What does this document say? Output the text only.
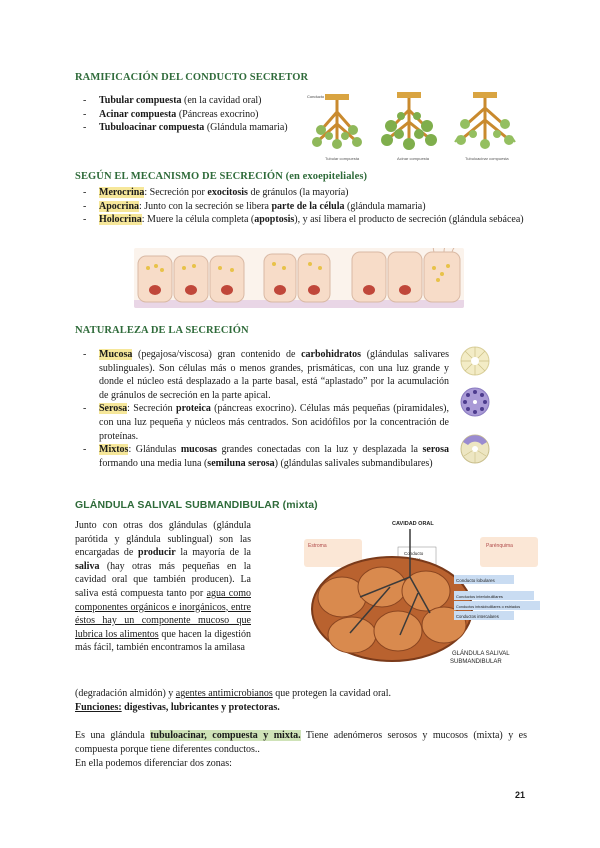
RAMIFICACIÓN DEL CONDUCTO SECRETOR
- Tubular compuesta (en la cavidad oral)
- Acinar compuesta (Páncreas exocrino)
- Tubuloacinar compuesta (Glándula mamaria)
Conducto
Tubular compuesta	Acinar compuesta	Tubuloacinar compuesta
SEGÚN EL MECANISMO DE SECRECIÓN (en exoepiteliales)
- Merocrina: Secreción por exocitosis de gránulos (la mayoría)
- Apocrina: Junto con la secreción se libera parte de la célula (glándula mamaria)
- Holocrina: Muere la célula completa (apoptosis), y así libera el producto de secreción (glándula sebácea)
NATURALEZA DE LA SECRECIÓN
- Mucosa (pegajosa/viscosa) gran contenido de carbohidratos (glándulas salivares sublinguales). Son células más o menos grandes, prismáticas, con una luz grande y donde el núcleo está desplazado a la parte basal, está “aplastado” por la acumulación de gránulos de secreción en la parte apical.
- Serosa: Secreción proteica (páncreas exocrino). Células más pequeñas (piramidales), con una luz pequeña y núcleos más centrados. Son acidófilos por la concentración de proteínas.
- Mixtos: Glándulas mucosas grandes conectadas con la luz y desplazada la serosa formando una media luna (semiluna serosa) (glándulas salivales submandibulares)
GLÁNDULA SALIVAL SUBMANDIBULAR (mixta)
Junto con otras dos glándulas (glándula parótida y glándula sublingual) son las encargadas de producir la mayoría de la saliva (hay otras más pequeñas en la cavidad oral que también producen). La saliva está compuesta tanto por agua como componentes orgánicos e inorgánicos, entre éstos hay un componente mucoso que lubrica los alimentos que hacen la digestión más fácil, también encontramos la amilasa
CAVIDAD ORAL
Conducto
Estroma	Parénquima
Conducto lobulares
Conductos interlobulillares
Conductos intralobulillares o estriados
Conductos intercalares
GLÁNDULA SALIVAL
SUBMANDIBULAR
(degradación almidón) y agentes antimicrobianos que protegen la cavidad oral.
Funciones: digestivas, lubricantes y protectoras.
Es una glándula tubuloacinar, compuesta y mixta. Tiene adenómeros serosos y mucosos (mixta) y es compuesta porque tiene diferentes conductos..
En ella podemos diferenciar dos zonas:
21
